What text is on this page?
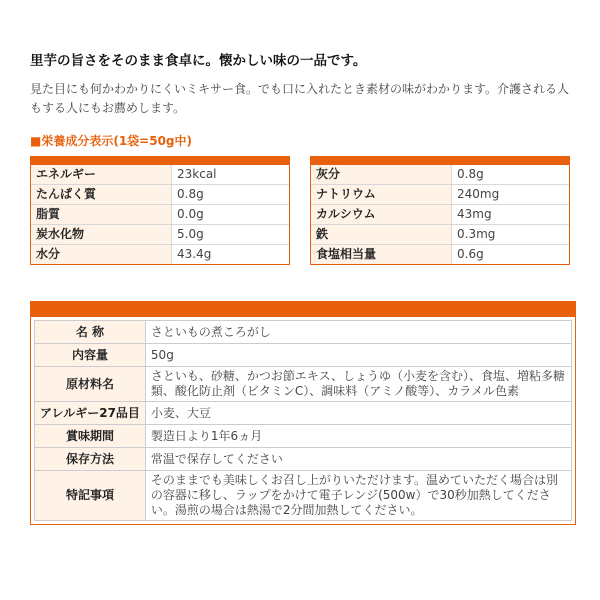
里芋の旨さをそのまま食卓に。懐かしい味の一品です。
見た目にも何かわかりにくいミキサー食。でも口に入れたとき素材の味がわかります。介護される人もする人にもお薦めします。
■栄養成分表示(1袋=50g中)
エネルギー	23kcal
たんぱく質	0.8g
脂質	0.0g
炭水化物	5.0g
水分	43.4g
灰分	0.8g
ナトリウム	240mg
カルシウム	43mg
鉄	0.3mg
食塩相当量	0.6g
名 称	さといもの煮ころがし
内容量	50g
原材料名	さといも、砂糖、かつお節エキス、しょうゆ（小麦を含む）、食塩、増粘多糖類、酸化防止剤（ビタミンC）、調味料（アミノ酸等）、カラメル色素
アレルギー27品目	小麦、大豆
賞味期間	製造日より1年6ヵ月
保存方法	常温で保存してください
特記事項	そのままでも美味しくお召し上がりいただけます。温めていただく場合は別の容器に移し、ラップをかけて電子レンジ(500w）で30秒加熱してください。湯煎の場合は熱湯で2分間加熱してください。
